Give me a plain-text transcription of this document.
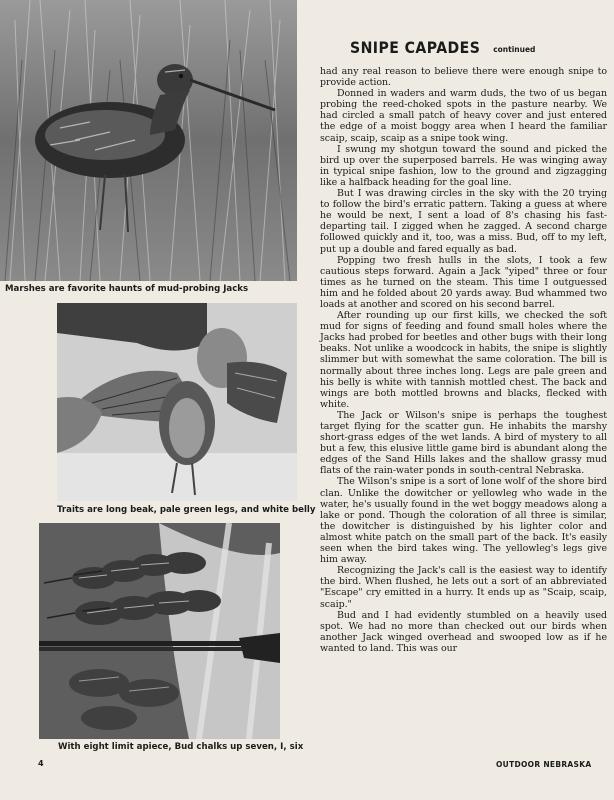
Marshes are favorite haunts of mud-probing Jacks
Traits are long beak, pale green legs, and white belly
With eight limit apiece, Bud chalks up seven, I, six
SNIPE CAPADES continued

had any real reason to believe there were enough snipe to provide action.

Donned in waders and warm duds, the two of us began probing the reed-choked spots in the pasture nearby. We had circled a small patch of heavy cover and just entered the edge of a moist boggy area when I heard the familiar scaip, scaip, scaip as a snipe took wing.

I swung my shotgun toward the sound and picked the bird up over the superposed barrels. He was winging away in typical snipe fashion, low to the ground and zigzagging like a halfback heading for the goal line.

But I was drawing circles in the sky with the 20 trying to follow the bird's erratic pattern. Taking a guess at where he would be next, I sent a load of 8's chasing his fast-departing tail. I zigged when he zagged. A second charge followed quickly and it, too, was a miss. Bud, off to my left, put up a double and fared equally as bad.

Popping two fresh hulls in the slots, I took a few cautious steps forward. Again a Jack "yiped" three or four times as he turned on the steam. This time I outguessed him and he folded about 20 yards away. Bud whammed two loads at another and scored on his second barrel.

After rounding up our first kills, we checked the soft mud for signs of feeding and found small holes where the Jacks had probed for beetles and other bugs with their long beaks. Not unlike a woodcock in habits, the snipe is slightly slimmer but with somewhat the same coloration. The bill is normally about three inches long. Legs are pale green and his belly is white with tannish mottled chest. The back and wings are both mottled browns and blacks, flecked with white.

The Jack or Wilson's snipe is perhaps the toughest target flying for the scatter gun. He inhabits the marshy short-grass edges of the wet lands. A bird of mystery to all but a few, this elusive little game bird is abundant along the edges of the Sand Hills lakes and the shallow grassy mud flats of the rain-water ponds in south-central Nebraska.

The Wilson's snipe is a sort of lone wolf of the shore bird clan. Unlike the dowitcher or yellowleg who wade in the water, he's usually found in the wet boggy meadows along a lake or pond. Though the coloration of all three is similar, the dowitcher is distinguished by his lighter color and almost white patch on the small part of the back. It's easily seen when the bird takes wing. The yellowleg's legs give him away.

Recognizing the Jack's call is the easiest way to identify the bird. When flushed, he lets out a sort of an abbreviated "Escape" cry emitted in a hurry. It ends up as "Scaip, scaip, scaip."

Bud and I had evidently stumbled on a heavily used spot. We had no more than checked out our birds when another Jack winged overhead and swooped low as if he wanted to land. This was our

4	OUTDOOR NEBRASKA
